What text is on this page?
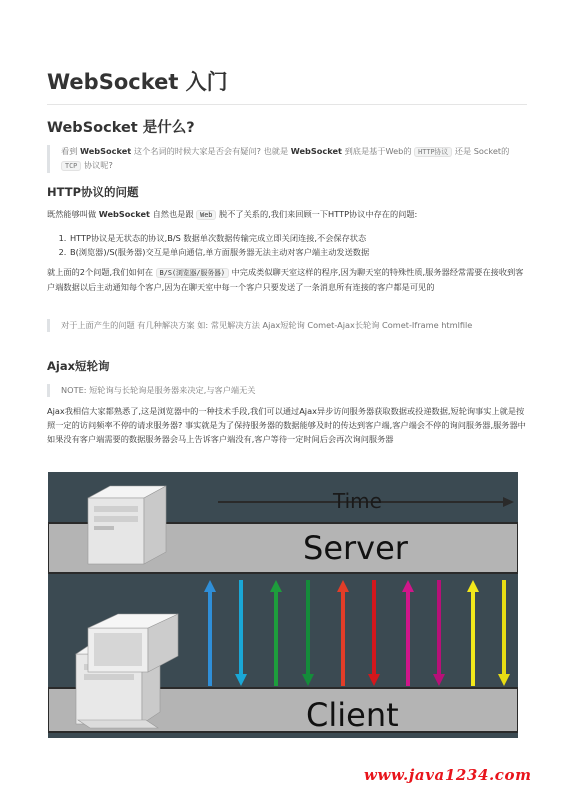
WebSocket 入门
WebSocket 是什么?
看到 WebSocket 这个名词的时候大家是否会有疑问? 也就是 WebSocket 到底是基于Web的 HTTP协议 还是 Socket的 TCP 协议呢?
HTTP协议的问题
既然能够叫做 WebSocket 自然也是跟 Web 脱不了关系的,我们来回顾一下HTTP协议中存在的问题:
1. HTTP协议是无状态的协议,B/S 数据单次数据传输完成立即关闭连接,不会保存状态
2. B(浏览器)/S(服务器)交互是单向通信,单方面服务器无法主动对客户端主动发送数据
就上面的2个问题,我们如何在 B/S(浏览器/服务器) 中完成类似聊天室这样的程序,因为聊天室的特殊性质,服务器经常需要在接收到客户端数据以后主动通知每个客户,因为在聊天室中每一个客户只要发送了一条消息所有连接的客户都是可见的
对于上面产生的问题 有几种解决方案 如: 常见解决方法 Ajax短轮询 Comet-Ajax长轮询 Comet-Iframe htmlfile
Ajax短轮询
NOTE: 短轮询与长轮询是服务器来决定,与客户端无关
Ajax我相信大家都熟悉了,这是浏览器中的一种技术手段,我们可以通过Ajax异步访问服务器获取数据或投递数据,短轮询事实上就是按照一定的访问频率不停的请求服务器? 事实就是为了保持服务器的数据能够及时的传达到客户端,客户端会不停的询问服务器,服务器中如果没有客户端需要的数据服务器会马上告诉客户端没有,客户等待一定时间后会再次询问服务器
Time
Server
Client
www.java1234.com
